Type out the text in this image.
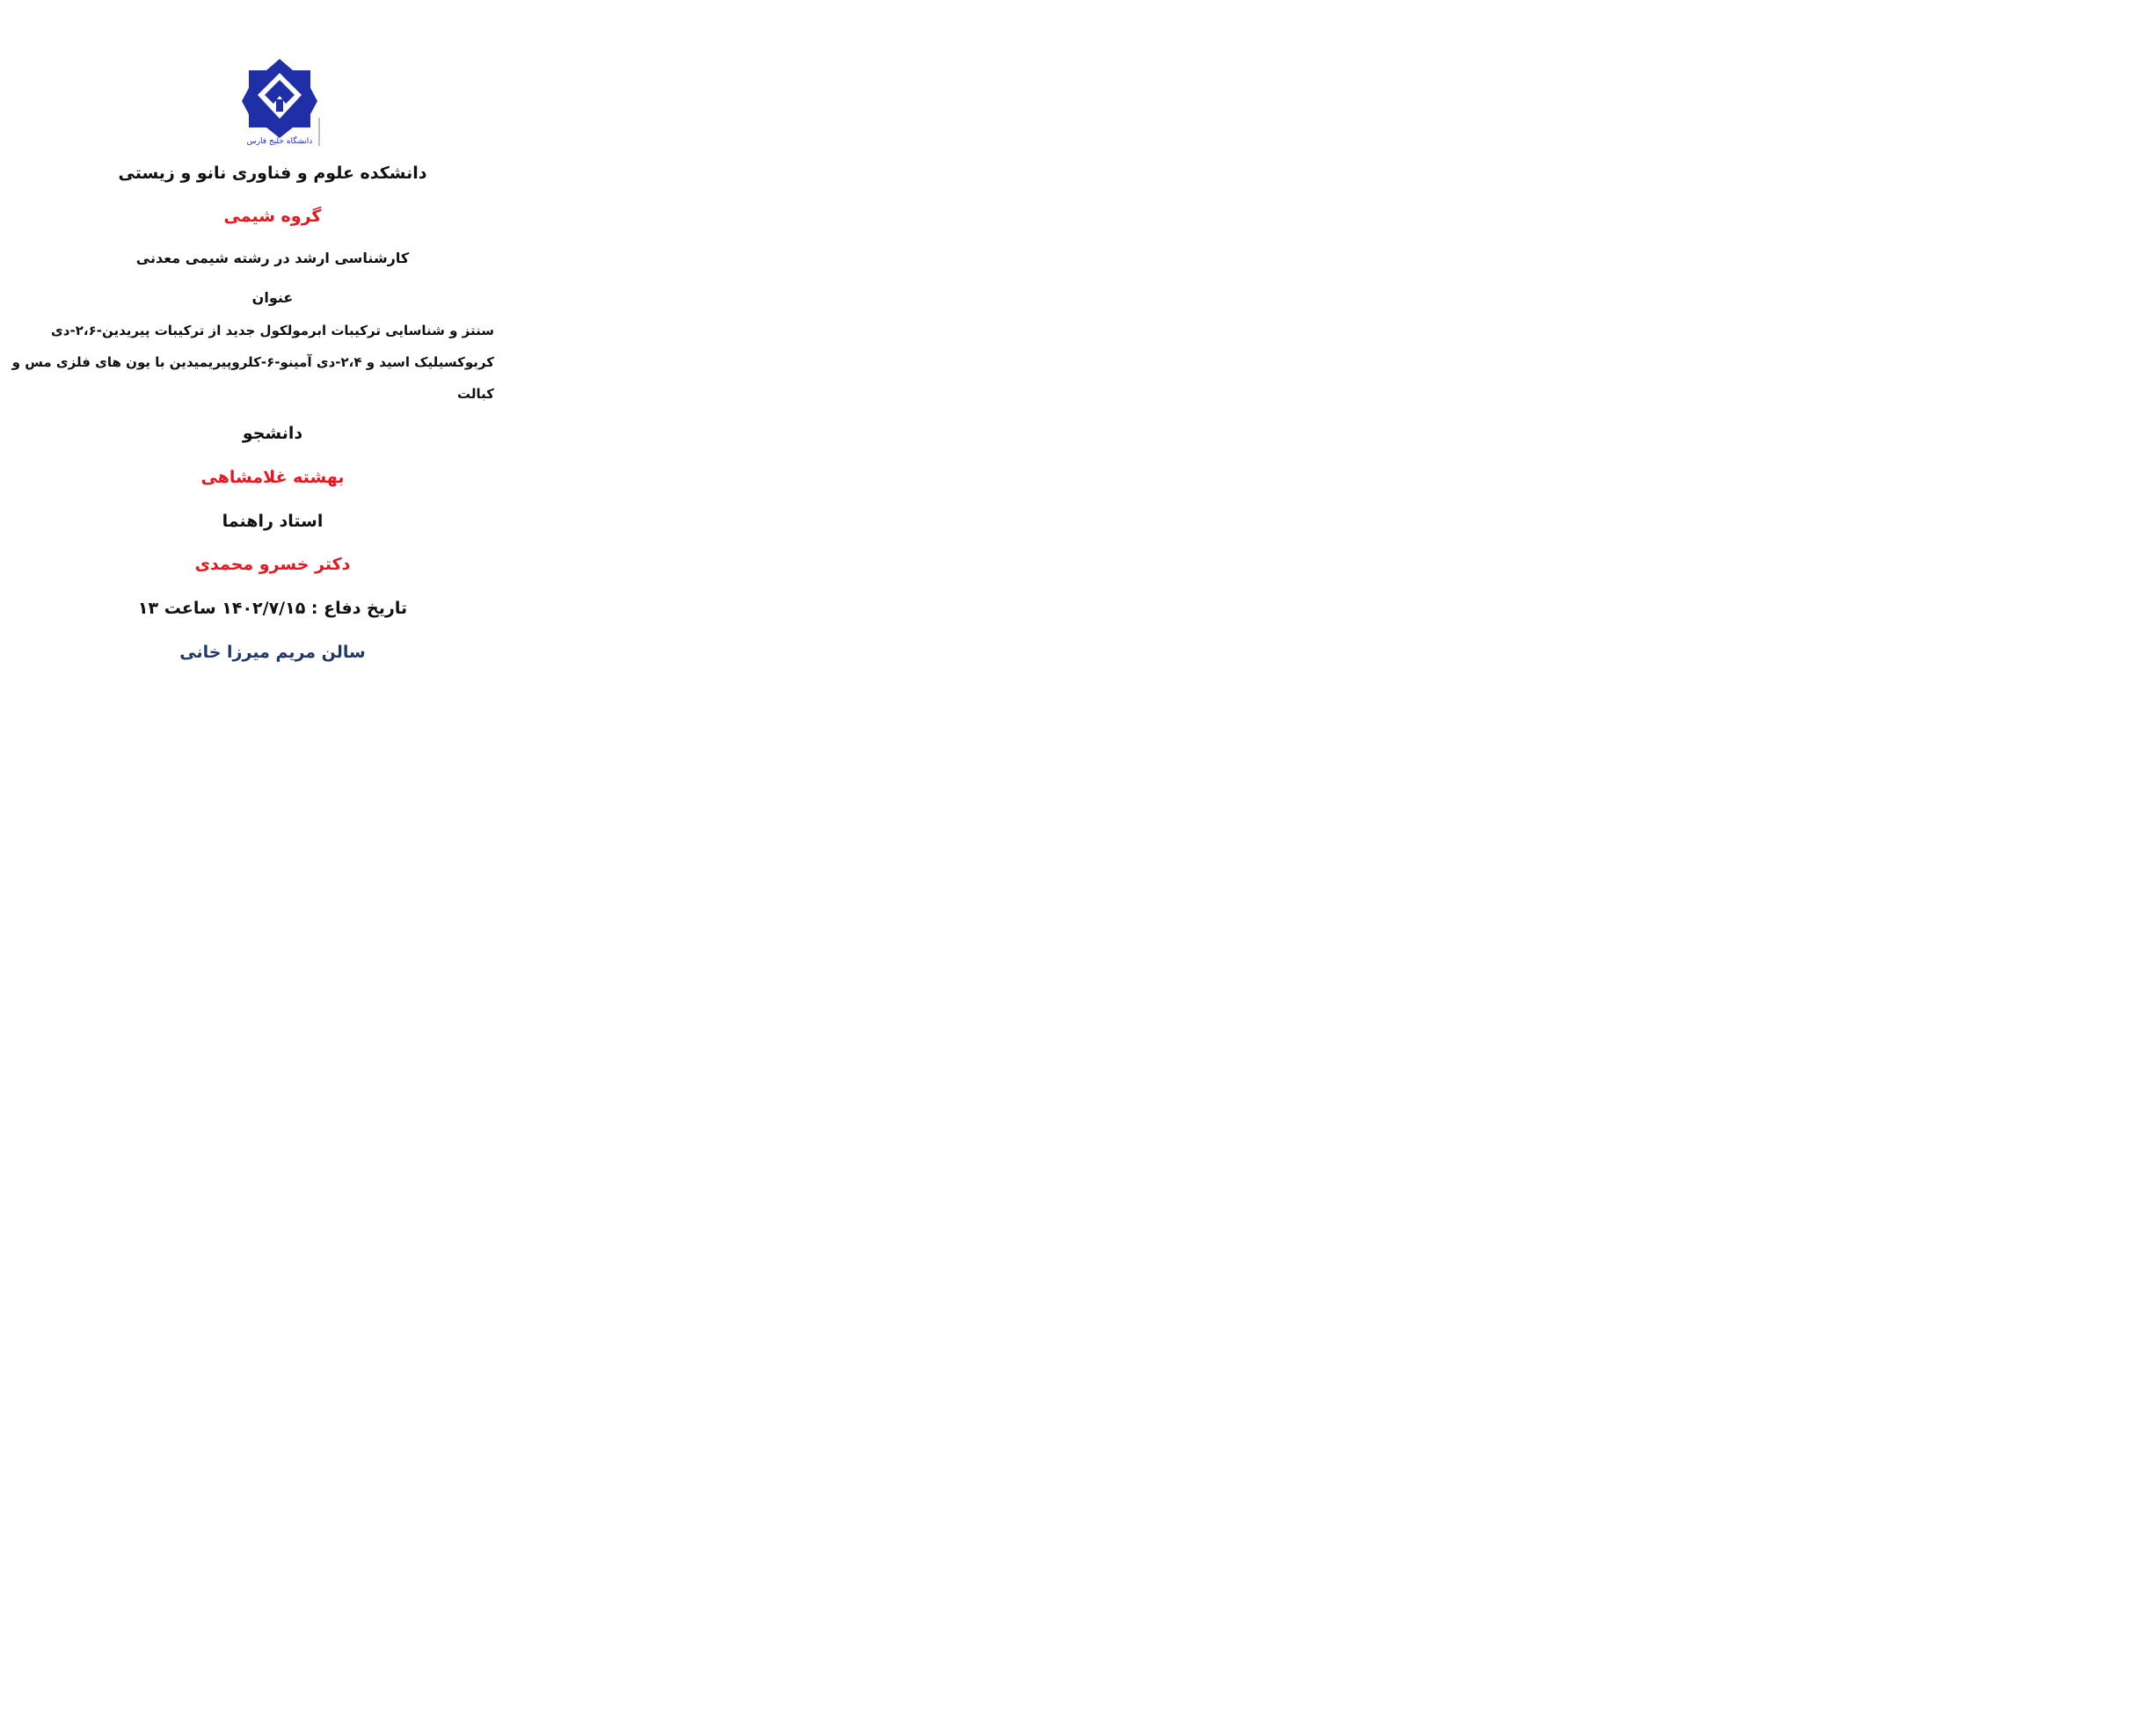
دانشگاه خلیج فارس

دانشکده علوم و فناوری نانو و زیستی

گروه شیمی

کارشناسی ارشد در رشته شیمی معدنی

عنوان

سنتز و شناسایی ترکیبات ابرمولکول جدید از ترکیبات پیریدین-۲،۶-دی
کربوکسیلیک اسید و ۲،۴-دی آمینو-۶-کلروپیریمیدین با یون های فلزی مس و
کبالت

دانشجو

بهشته غلامشاهی

استاد راهنما

دکتر خسرو محمدی

تاریخ دفاع : ۱۴۰۲/۷/۱۵ ساعت ۱۳

سالن مریم میرزا خانی
